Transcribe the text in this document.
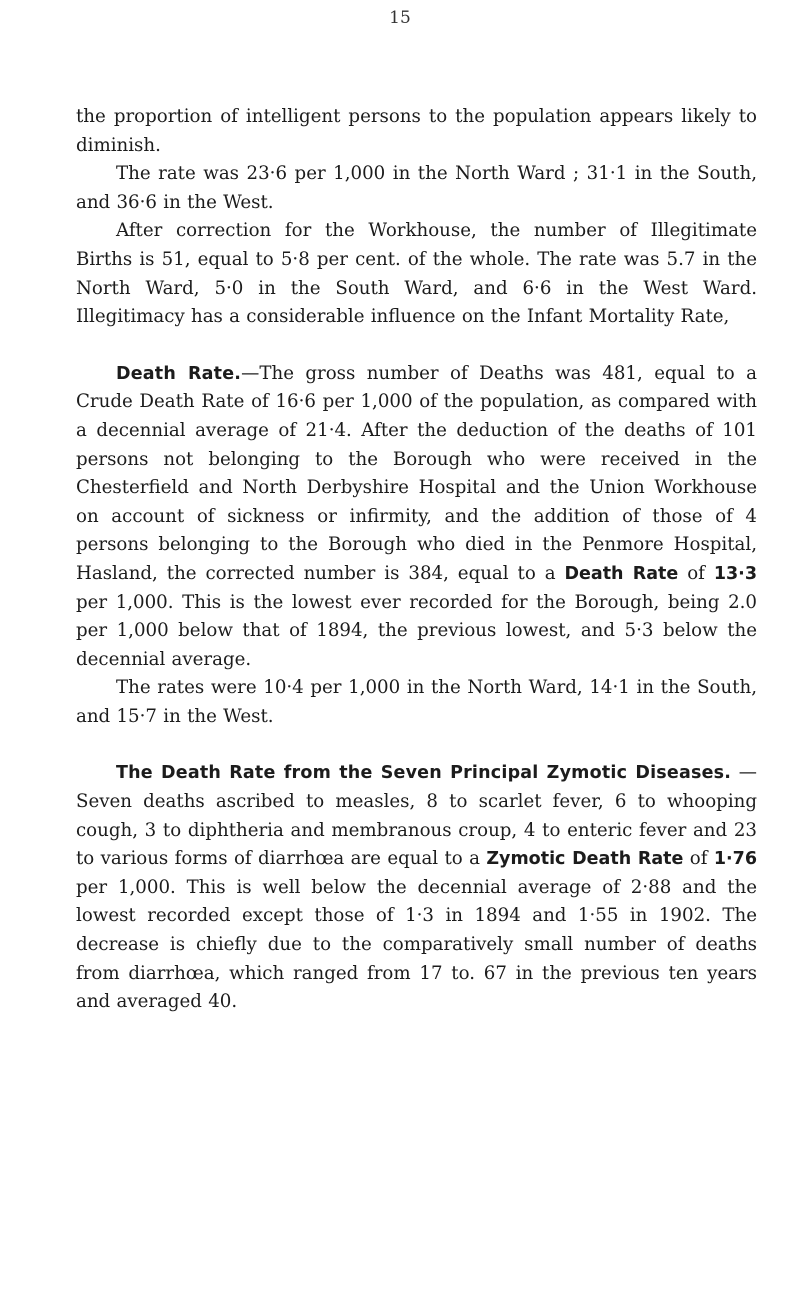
15

the proportion of intelligent persons to the population appears likely to diminish.

The rate was 23·6 per 1,000 in the North Ward ; 31·1 in the South, and 36·6 in the West.

After correction for the Workhouse, the number of Illegitimate Births is 51, equal to 5·8 per cent. of the whole. The rate was 5.7 in the North Ward, 5·0 in the South Ward, and 6·6 in the West Ward. Illegitimacy has a considerable influence on the Infant Mortality Rate,

Death Rate.—The gross number of Deaths was 481, equal to a Crude Death Rate of 16·6 per 1,000 of the population, as compared with a decennial average of 21·4. After the deduction of the deaths of 101 persons not belonging to the Borough who were received in the Chesterfield and North Derbyshire Hospital and the Union Workhouse on account of sickness or infirmity, and the addition of those of 4 persons belonging to the Borough who died in the Penmore Hospital, Hasland, the corrected number is 384, equal to a Death Rate of 13·3 per 1,000. This is the lowest ever recorded for the Borough, being 2.0 per 1,000 below that of 1894, the previous lowest, and 5·3 below the decennial average.

The rates were 10·4 per 1,000 in the North Ward, 14·1 in the South, and 15·7 in the West.

The Death Rate from the Seven Principal Zymotic Diseases. —Seven deaths ascribed to measles, 8 to scarlet fever, 6 to whooping cough, 3 to diphtheria and membranous croup, 4 to enteric fever and 23 to various forms of diarrhœa are equal to a Zymotic Death Rate of 1·76 per 1,000. This is well below the decennial average of 2·88 and the lowest recorded except those of 1·3 in 1894 and 1·55 in 1902. The decrease is chiefly due to the comparatively small number of deaths from diarrhœa, which ranged from 17 to. 67 in the previous ten years and averaged 40.
